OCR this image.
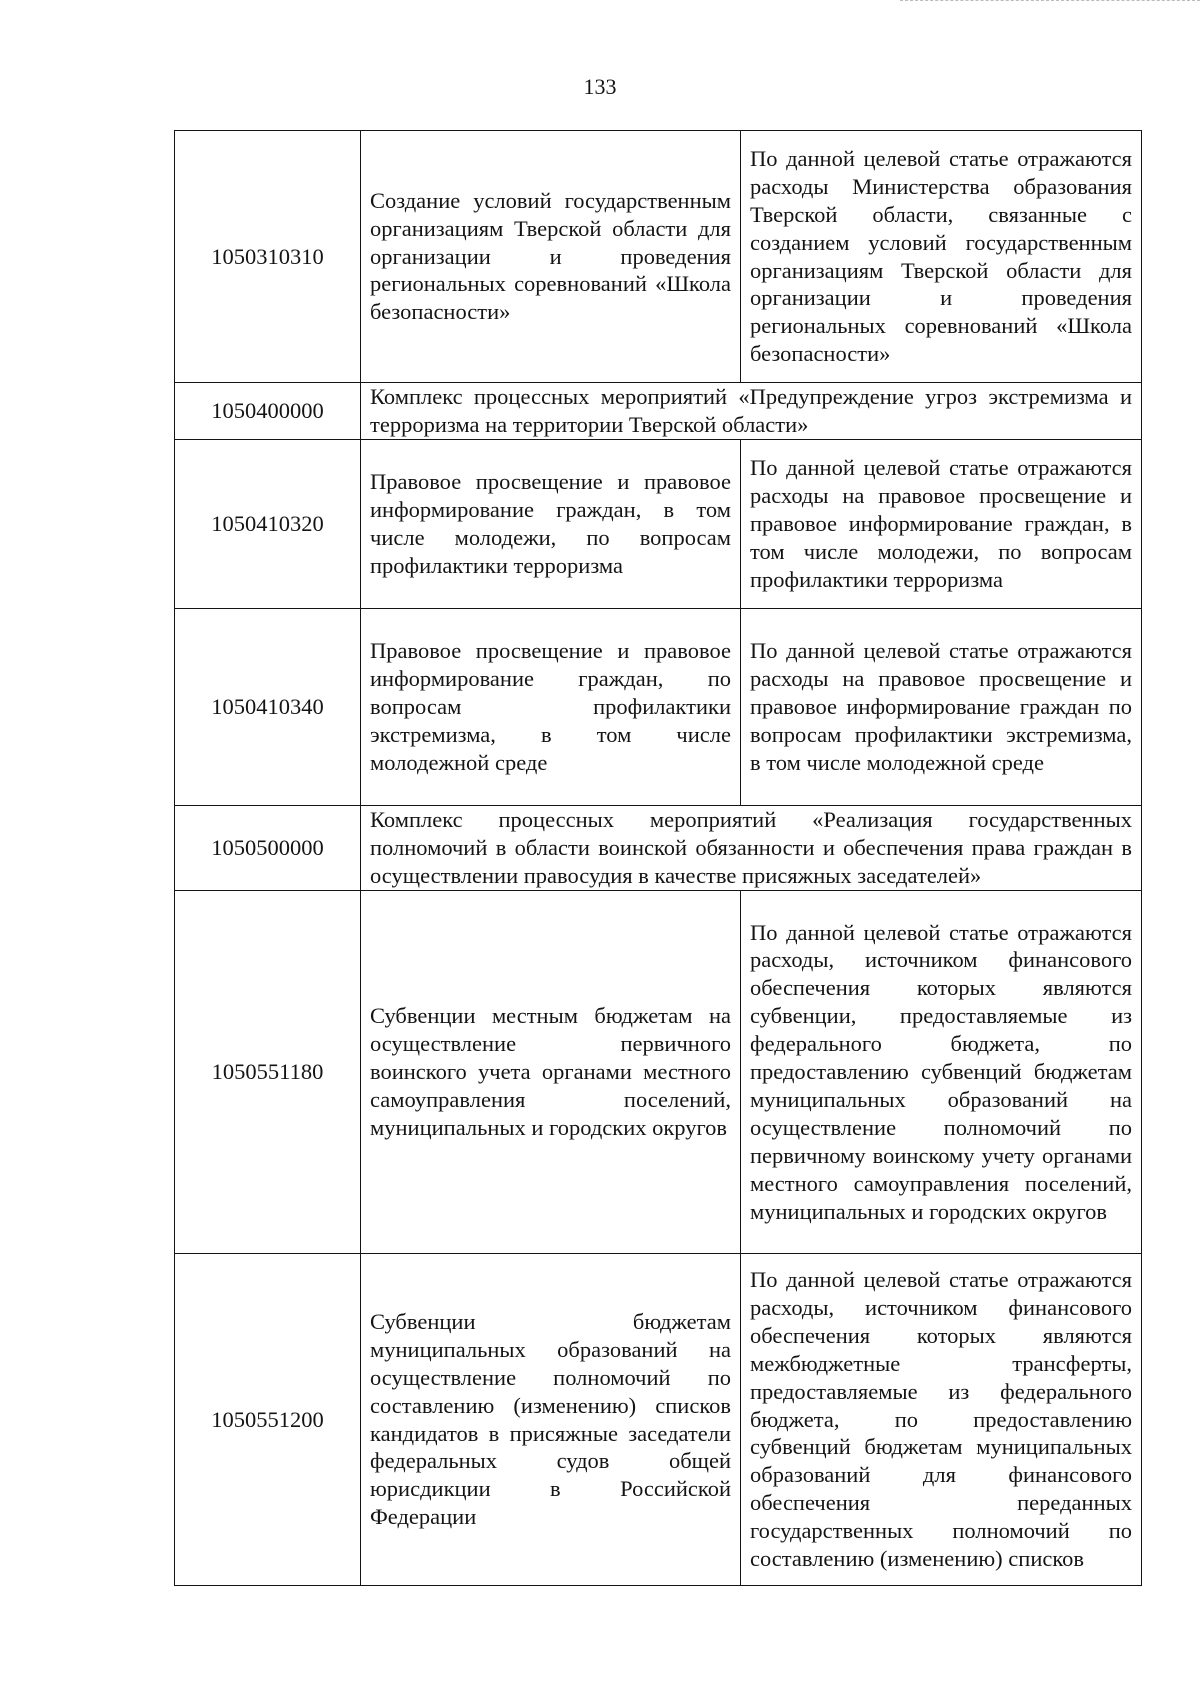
133
1050310310	Создание условий государственным организациям Тверской области для организации и проведения региональных соревнований «Школа безопасности»	По данной целевой статье отражаются расходы Министерства образования Тверской области, связанные с созданием условий государственным организациям Тверской области для организации и проведения региональных соревнований «Школа безопасности»
1050400000	Комплекс процессных мероприятий «Предупреждение угроз экстремизма и терроризма на территории Тверской области»	
1050410320	Правовое просвещение и правовое информирование граждан, в том числе молодежи, по вопросам профилактики терроризма	По данной целевой статье отражаются расходы на правовое просвещение и правовое информирование граждан, в том числе молодежи, по вопросам профилактики терроризма
1050410340	Правовое просвещение и правовое информирование граждан, по вопросам профилактики экстремизма, в том числе молодежной среде	По данной целевой статье отражаются расходы на правовое просвещение и правовое информирование граждан по вопросам профилактики экстремизма, в том числе молодежной среде
1050500000	Комплекс процессных мероприятий «Реализация государственных полномочий в области воинской обязанности и обеспечения права граждан в осуществлении правосудия в качестве присяжных заседателей»	
1050551180	Субвенции местным бюджетам на осуществление первичного воинского учета органами местного самоуправления поселений, муниципальных и городских округов	По данной целевой статье отражаются расходы, источником финансового обеспечения которых являются субвенции, предоставляемые из федерального бюджета, по предоставлению субвенций бюджетам муниципальных образований на осуществление полномочий по первичному воинскому учету органами местного самоуправления поселений, муниципальных и городских округов
1050551200	Субвенции бюджетам муниципальных образований на осуществление полномочий по составлению (изменению) списков кандидатов в присяжные заседатели федеральных судов общей юрисдикции в Российской Федерации	По данной целевой статье отражаются расходы, источником финансового обеспечения которых являются межбюджетные трансферты, предоставляемые из федерального бюджета, по предоставлению субвенций бюджетам муниципальных образований для финансового обеспечения переданных государственных полномочий по составлению (изменению) списков
